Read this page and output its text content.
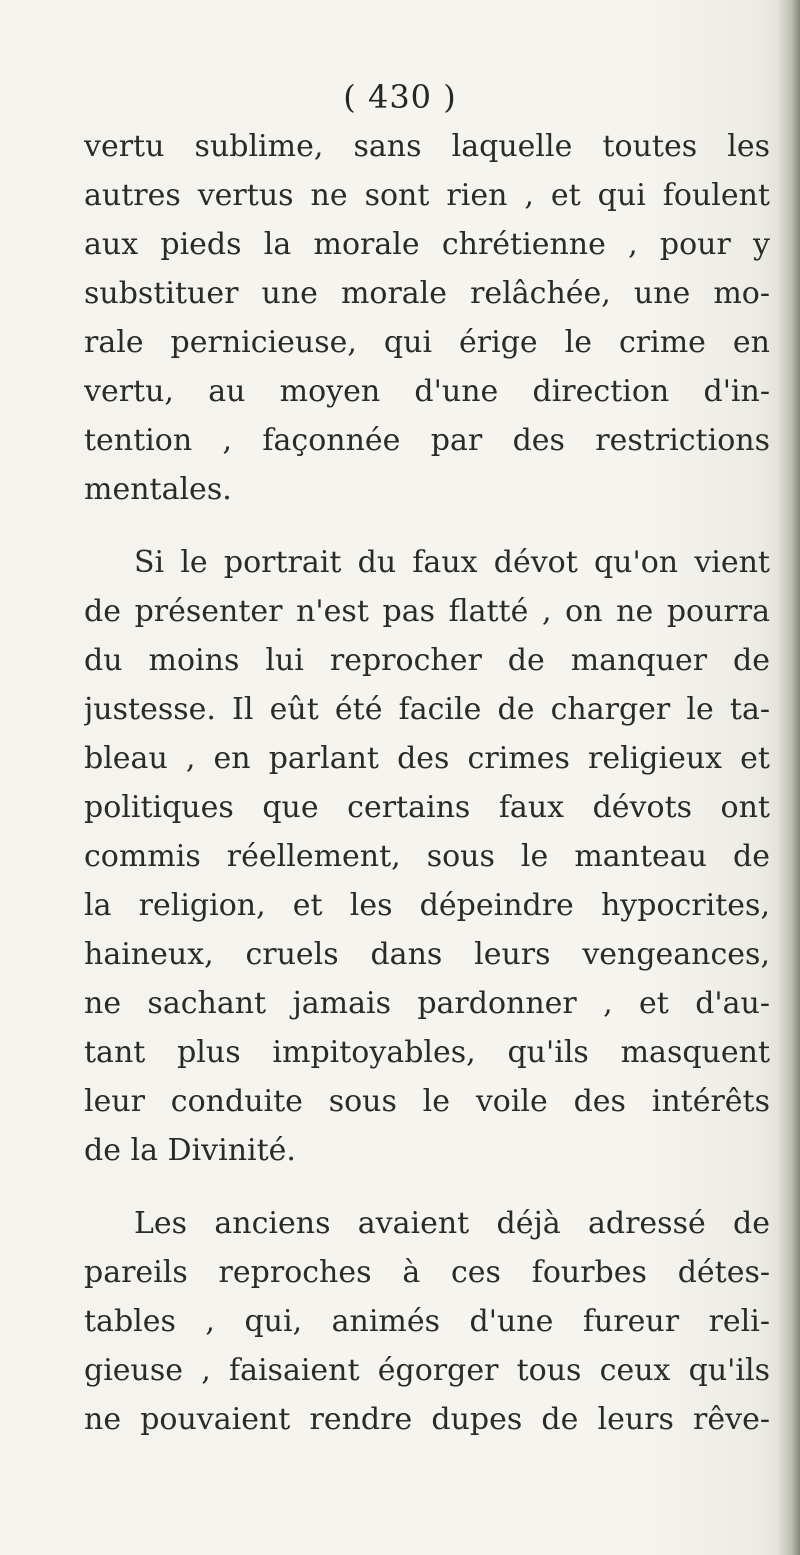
( 430 )
vertu sublime, sans laquelle toutes les
autres vertus ne sont rien , et qui foulent
aux pieds la morale chrétienne , pour y
substituer une morale relâchée, une mo-
rale pernicieuse, qui érige le crime en
vertu, au moyen d'une direction d'in-
tention , façonnée par des restrictions
mentales.
Si le portrait du faux dévot qu'on vient
de présenter n'est pas flatté , on ne pourra
du moins lui reprocher de manquer de
justesse. Il eût été facile de charger le ta-
bleau , en parlant des crimes religieux et
politiques que certains faux dévots ont
commis réellement, sous le manteau de
la religion, et les dépeindre hypocrites,
haineux, cruels dans leurs vengeances,
ne sachant jamais pardonner , et d'au-
tant plus impitoyables, qu'ils masquent
leur conduite sous le voile des intérêts
de la Divinité.
Les anciens avaient déjà adressé de
pareils reproches à ces fourbes détes-
tables , qui, animés d'une fureur reli-
gieuse , faisaient égorger tous ceux qu'ils
ne pouvaient rendre dupes de leurs rêve-
